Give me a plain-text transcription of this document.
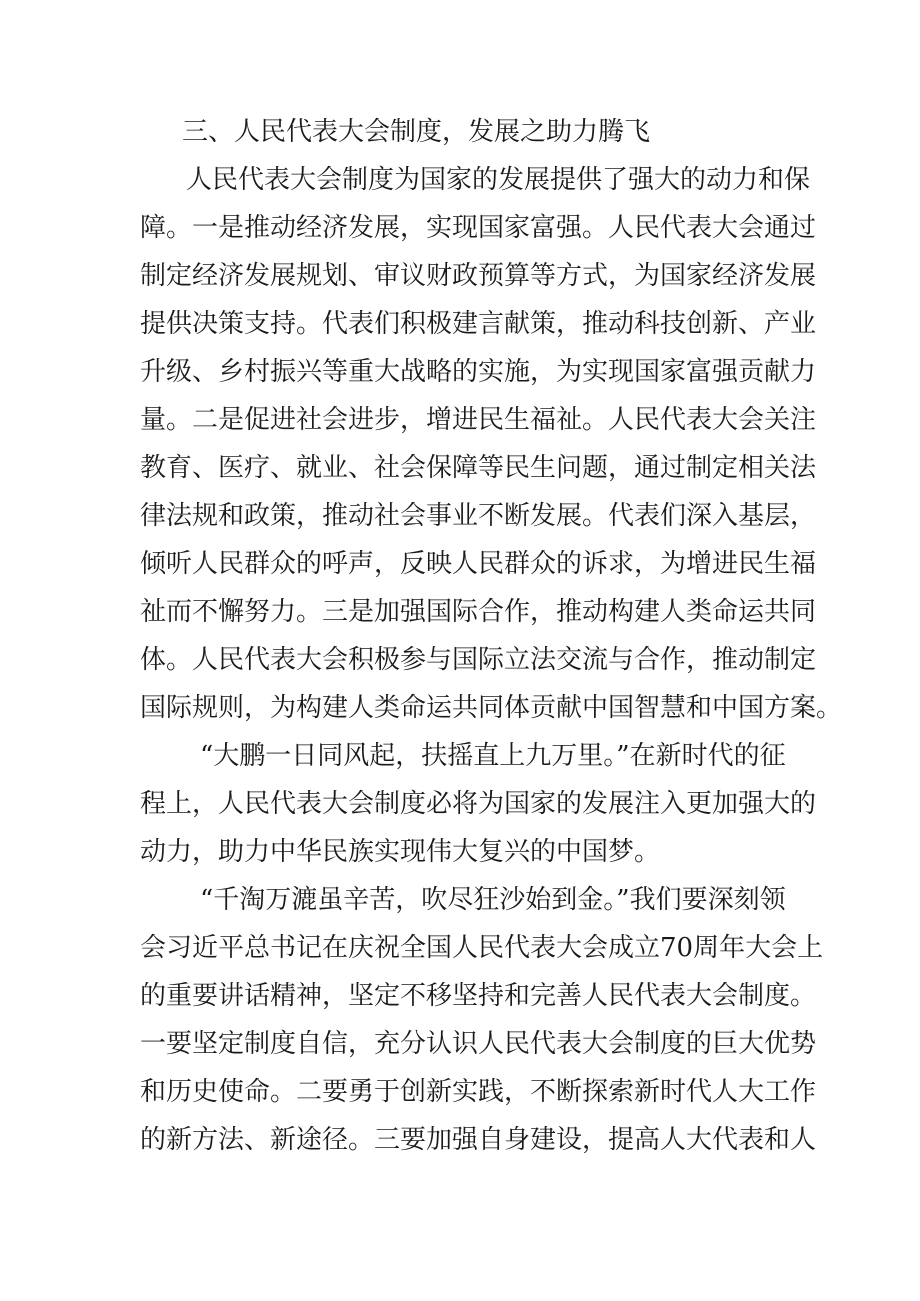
三、人民代表大会制度，发展之助力腾飞
人民代表大会制度为国家的发展提供了强大的动力和保
障。一是推动经济发展，实现国家富强。人民代表大会通过
制定经济发展规划、审议财政预算等方式，为国家经济发展
提供决策支持。代表们积极建言献策，推动科技创新、产业
升级、乡村振兴等重大战略的实施，为实现国家富强贡献力
量。二是促进社会进步，增进民生福祉。人民代表大会关注
教育、医疗、就业、社会保障等民生问题，通过制定相关法
律法规和政策，推动社会事业不断发展。代表们深入基层，
倾听人民群众的呼声，反映人民群众的诉求，为增进民生福
祉而不懈努力。三是加强国际合作，推动构建人类命运共同
体。人民代表大会积极参与国际立法交流与合作，推动制定
国际规则，为构建人类命运共同体贡献中国智慧和中国方案。
“大鹏一日同风起，扶摇直上九万里。”在新时代的征
程上，人民代表大会制度必将为国家的发展注入更加强大的
动力，助力中华民族实现伟大复兴的中国梦。
“千淘万漉虽辛苦，吹尽狂沙始到金。”我们要深刻领
会习近平总书记在庆祝全国人民代表大会成立70周年大会上
的重要讲话精神，坚定不移坚持和完善人民代表大会制度。
一要坚定制度自信，充分认识人民代表大会制度的巨大优势
和历史使命。二要勇于创新实践，不断探索新时代人大工作
的新方法、新途径。三要加强自身建设，提高人大代表和人
